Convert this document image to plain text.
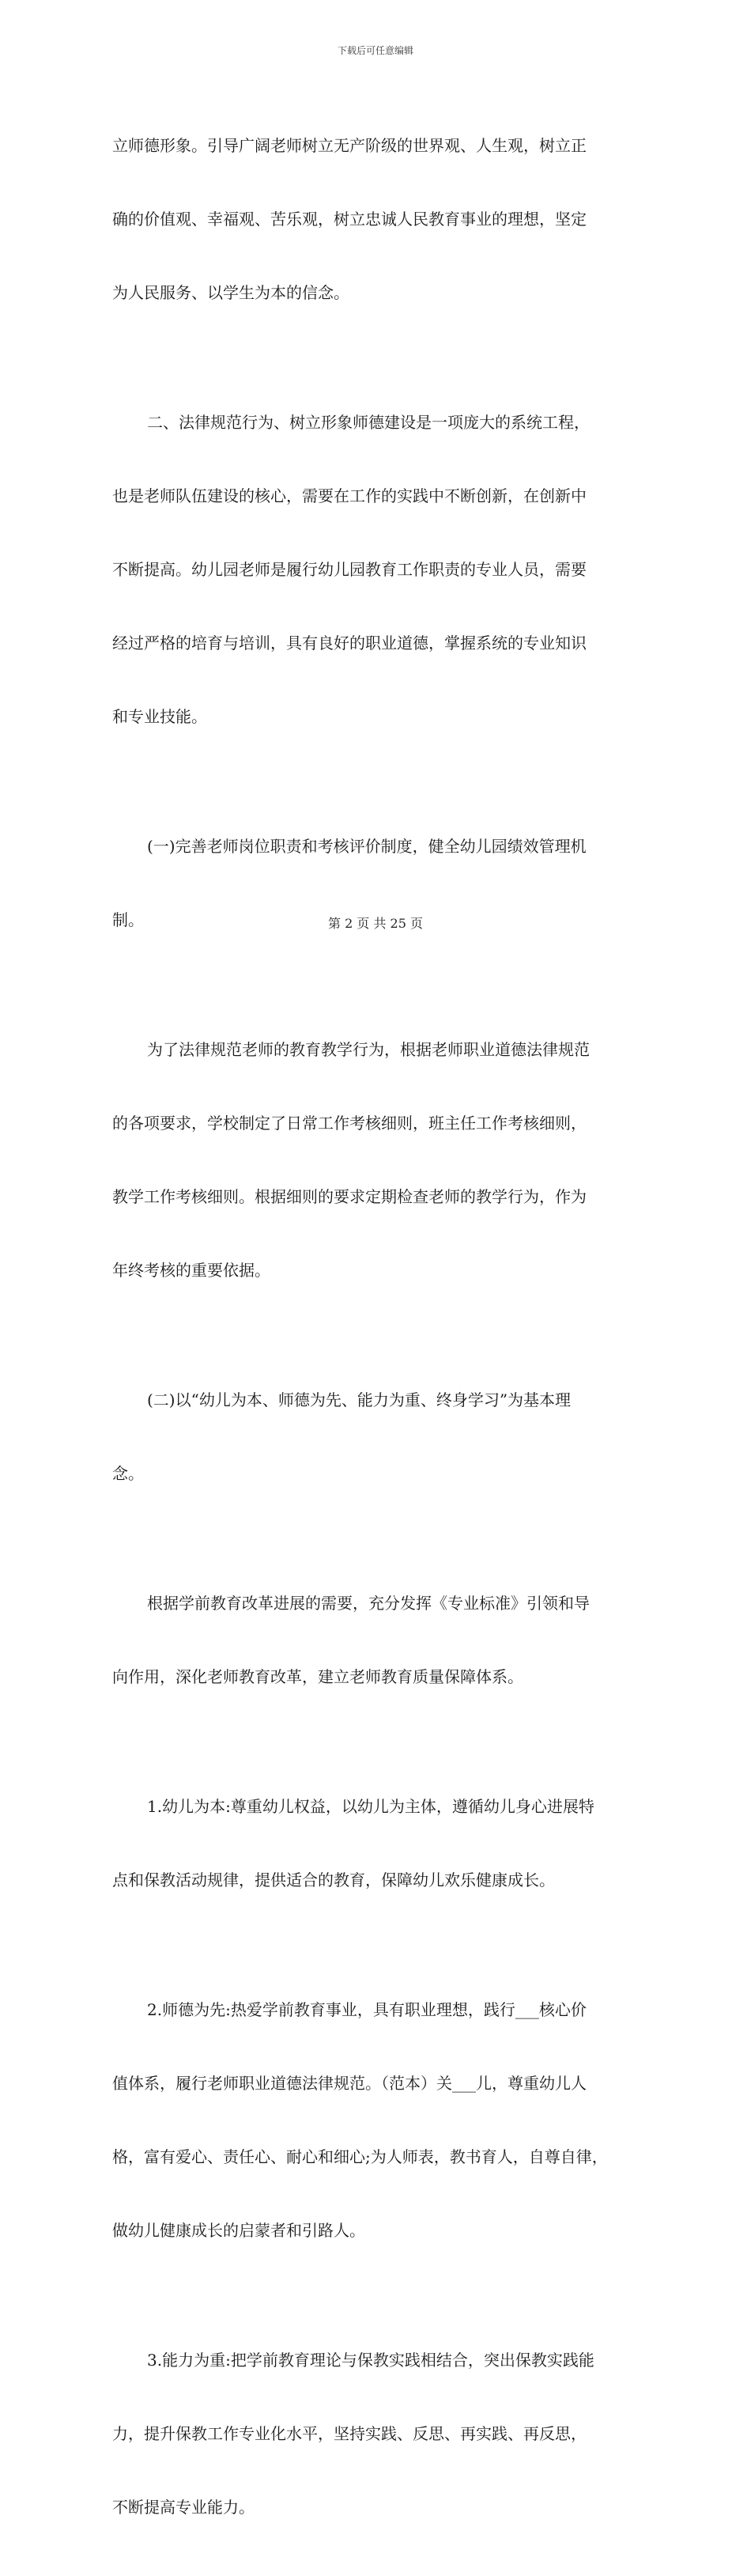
下载后可任意编辑

立师德形象。引导广阔老师树立无产阶级的世界观、人生观，树立正

确的价值观、幸福观、苦乐观，树立忠诚人民教育事业的理想，坚定

为人民服务、以学生为本的信念。

二、法律规范行为、树立形象师德建设是一项庞大的系统工程，

也是老师队伍建设的核心，需要在工作的实践中不断创新，在创新中

不断提高。幼儿园老师是履行幼儿园教育工作职责的专业人员，需要

经过严格的培育与培训，具有良好的职业道德，掌握系统的专业知识

和专业技能。

(一)完善老师岗位职责和考核评价制度，健全幼儿园绩效管理机

制。

为了法律规范老师的教育教学行为，根据老师职业道德法律规范

的各项要求，学校制定了日常工作考核细则，班主任工作考核细则，

教学工作考核细则。根据细则的要求定期检查老师的教学行为，作为

年终考核的重要依据。

(二)以“幼儿为本、师德为先、能力为重、终身学习”为基本理

念。

根据学前教育改革进展的需要，充分发挥《专业标准》引领和导

向作用，深化老师教育改革，建立老师教育质量保障体系。

1.幼儿为本:尊重幼儿权益，以幼儿为主体，遵循幼儿身心进展特

点和保教活动规律，提供适合的教育，保障幼儿欢乐健康成长。

2.师德为先:热爱学前教育事业，具有职业理想，践行___核心价

值体系，履行老师职业道德法律规范。（范本）关___儿，尊重幼儿人

格，富有爱心、责任心、耐心和细心;为人师表，教书育人，自尊自律，

做幼儿健康成长的启蒙者和引路人。

3.能力为重:把学前教育理论与保教实践相结合，突出保教实践能

力，提升保教工作专业化水平，坚持实践、反思、再实践、再反思，

不断提高专业能力。

第 2 页 共 25 页
